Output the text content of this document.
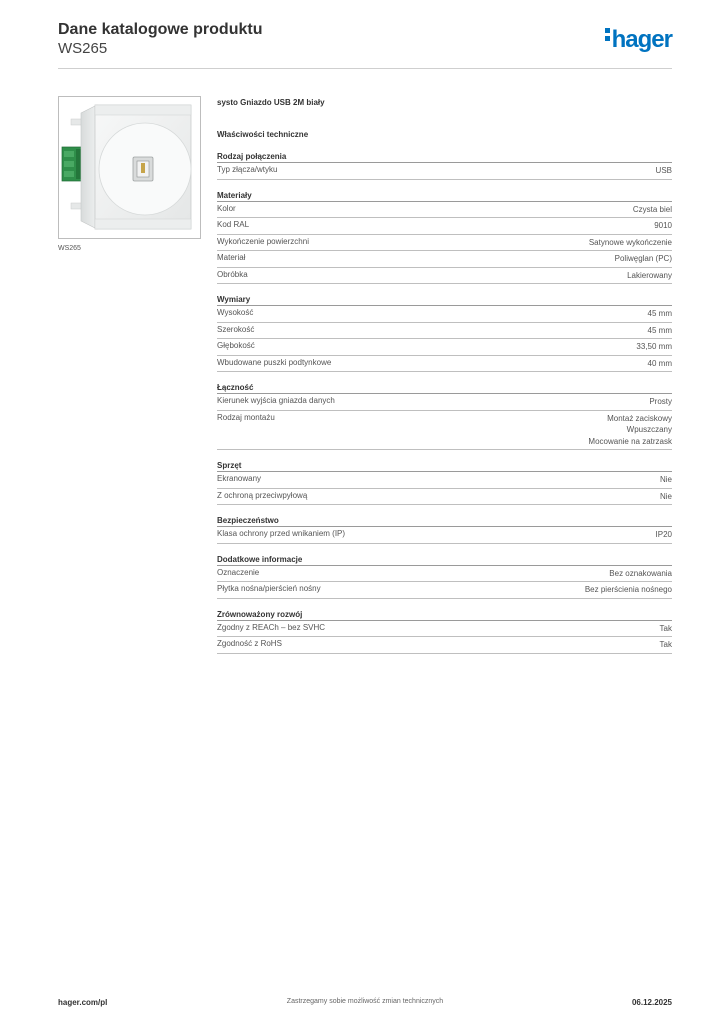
Dane katalogowe produktu
WS265	hager
WS265
systo Gniazdo USB 2M biały
Właściwości techniczne
Rodzaj połączenia
Typ złącza/wtyku	USB
Materiały
Kolor	Czysta biel
Kod RAL	9010
Wykończenie powierzchni	Satynowe wykończenie
Materiał	Poliwęglan (PC)
Obróbka	Lakierowany
Wymiary
Wysokość	45 mm
Szerokość	45 mm
Głębokość	33,50 mm
Wbudowane puszki podtynkowe	40 mm
Łączność
Kierunek wyjścia gniazda danych	Prosty
Rodzaj montażu	Montaż zaciskowy
Wpuszczany
Mocowanie na zatrzask
Sprzęt
Ekranowany	Nie
Z ochroną przeciwpyłową	Nie
Bezpieczeństwo
Klasa ochrony przed wnikaniem (IP)	IP20
Dodatkowe informacje
Oznaczenie	Bez oznakowania
Płytka nośna/pierścień nośny	Bez pierścienia nośnego
Zrównoważony rozwój
Zgodny z REACh – bez SVHC	Tak
Zgodność z RoHS	Tak
hager.com/pl	Zastrzegamy sobie możliwość zmian technicznych	06.12.2025
